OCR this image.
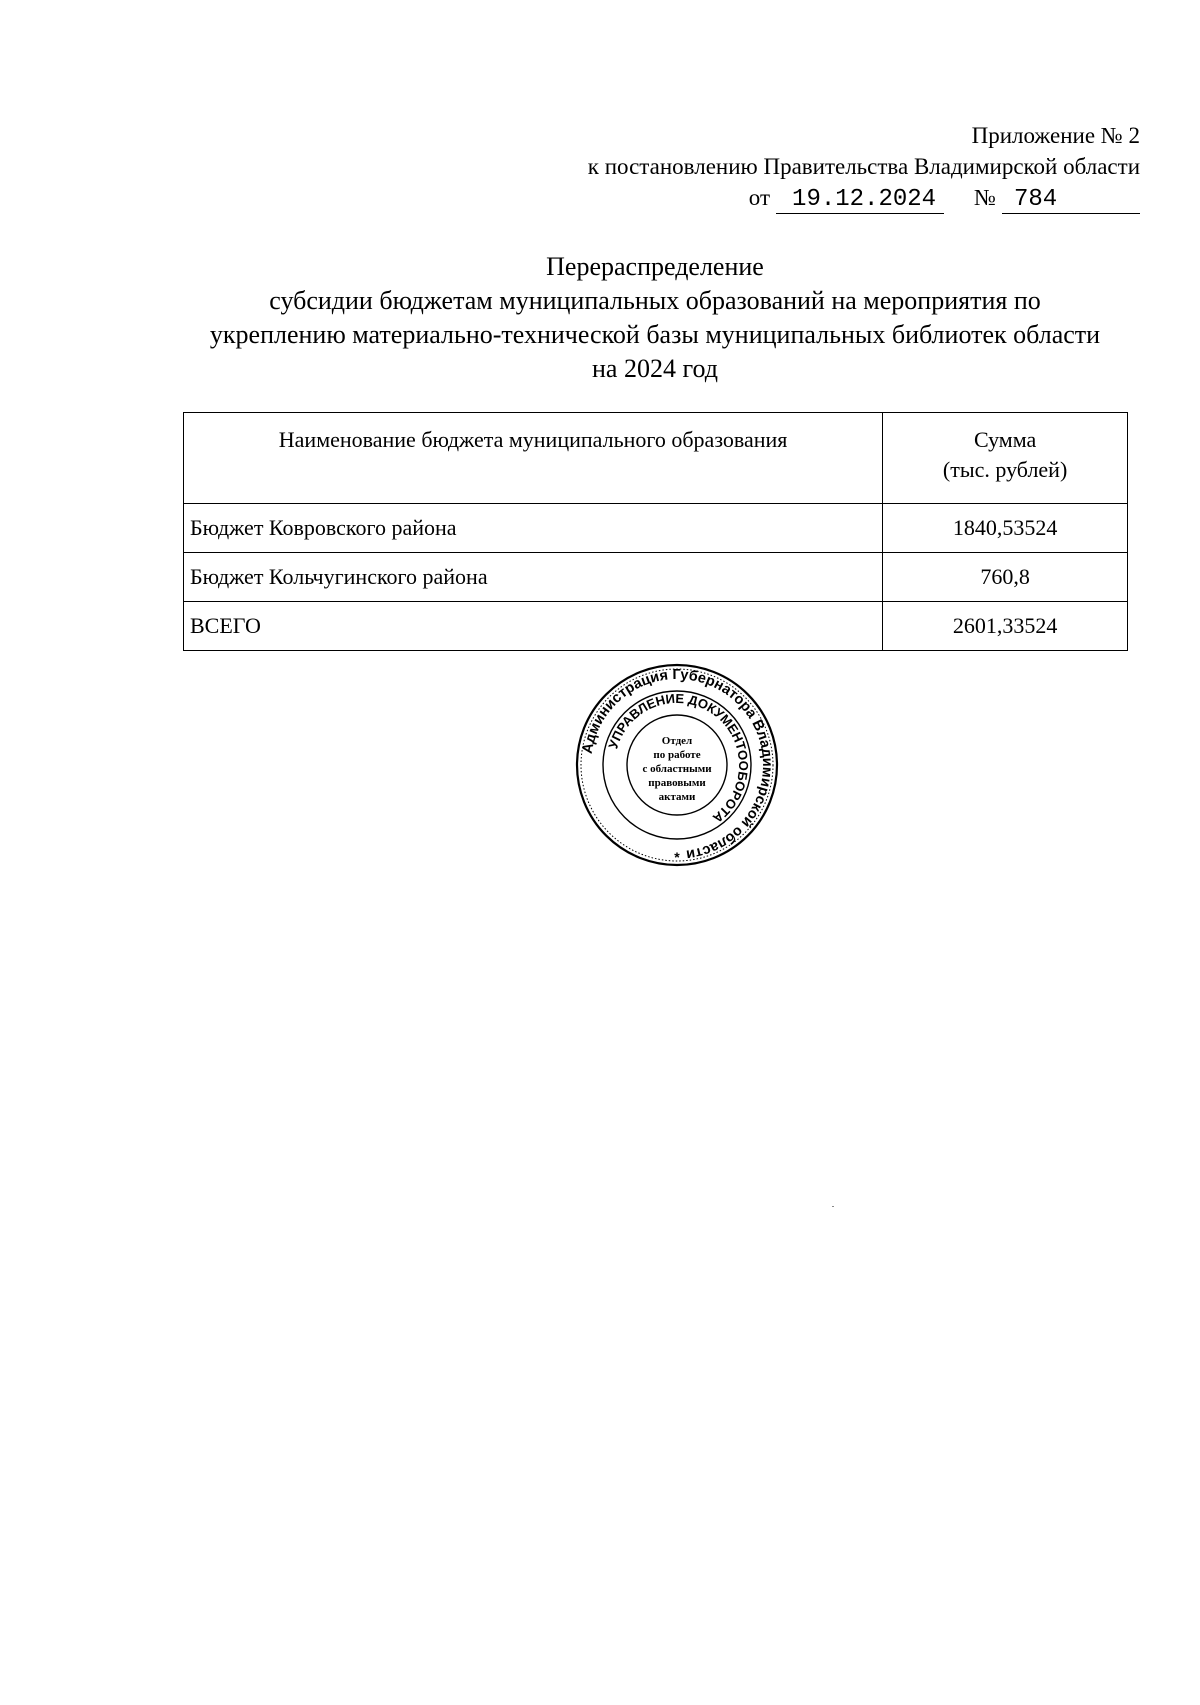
Приложение № 2
к постановлению Правительства Владимирской области
от 19.12.2024 № 784
Перераспределение
субсидии бюджетам муниципальных образований на мероприятия по
укреплению материально-технической базы муниципальных библиотек области
на 2024 год
Наименование бюджета муниципального образования	Сумма
(тыс. рублей)

Бюджет Ковровского района	1840,53524
Бюджет Кольчугинского района	760,8
ВСЕГО	2601,33524
Администрация Губернатора Владимирской области
УПРАВЛЕНИЕ ДОКУМЕНТООБОРОТА
Отдел
по работе
с областными
правовыми
актами
*
